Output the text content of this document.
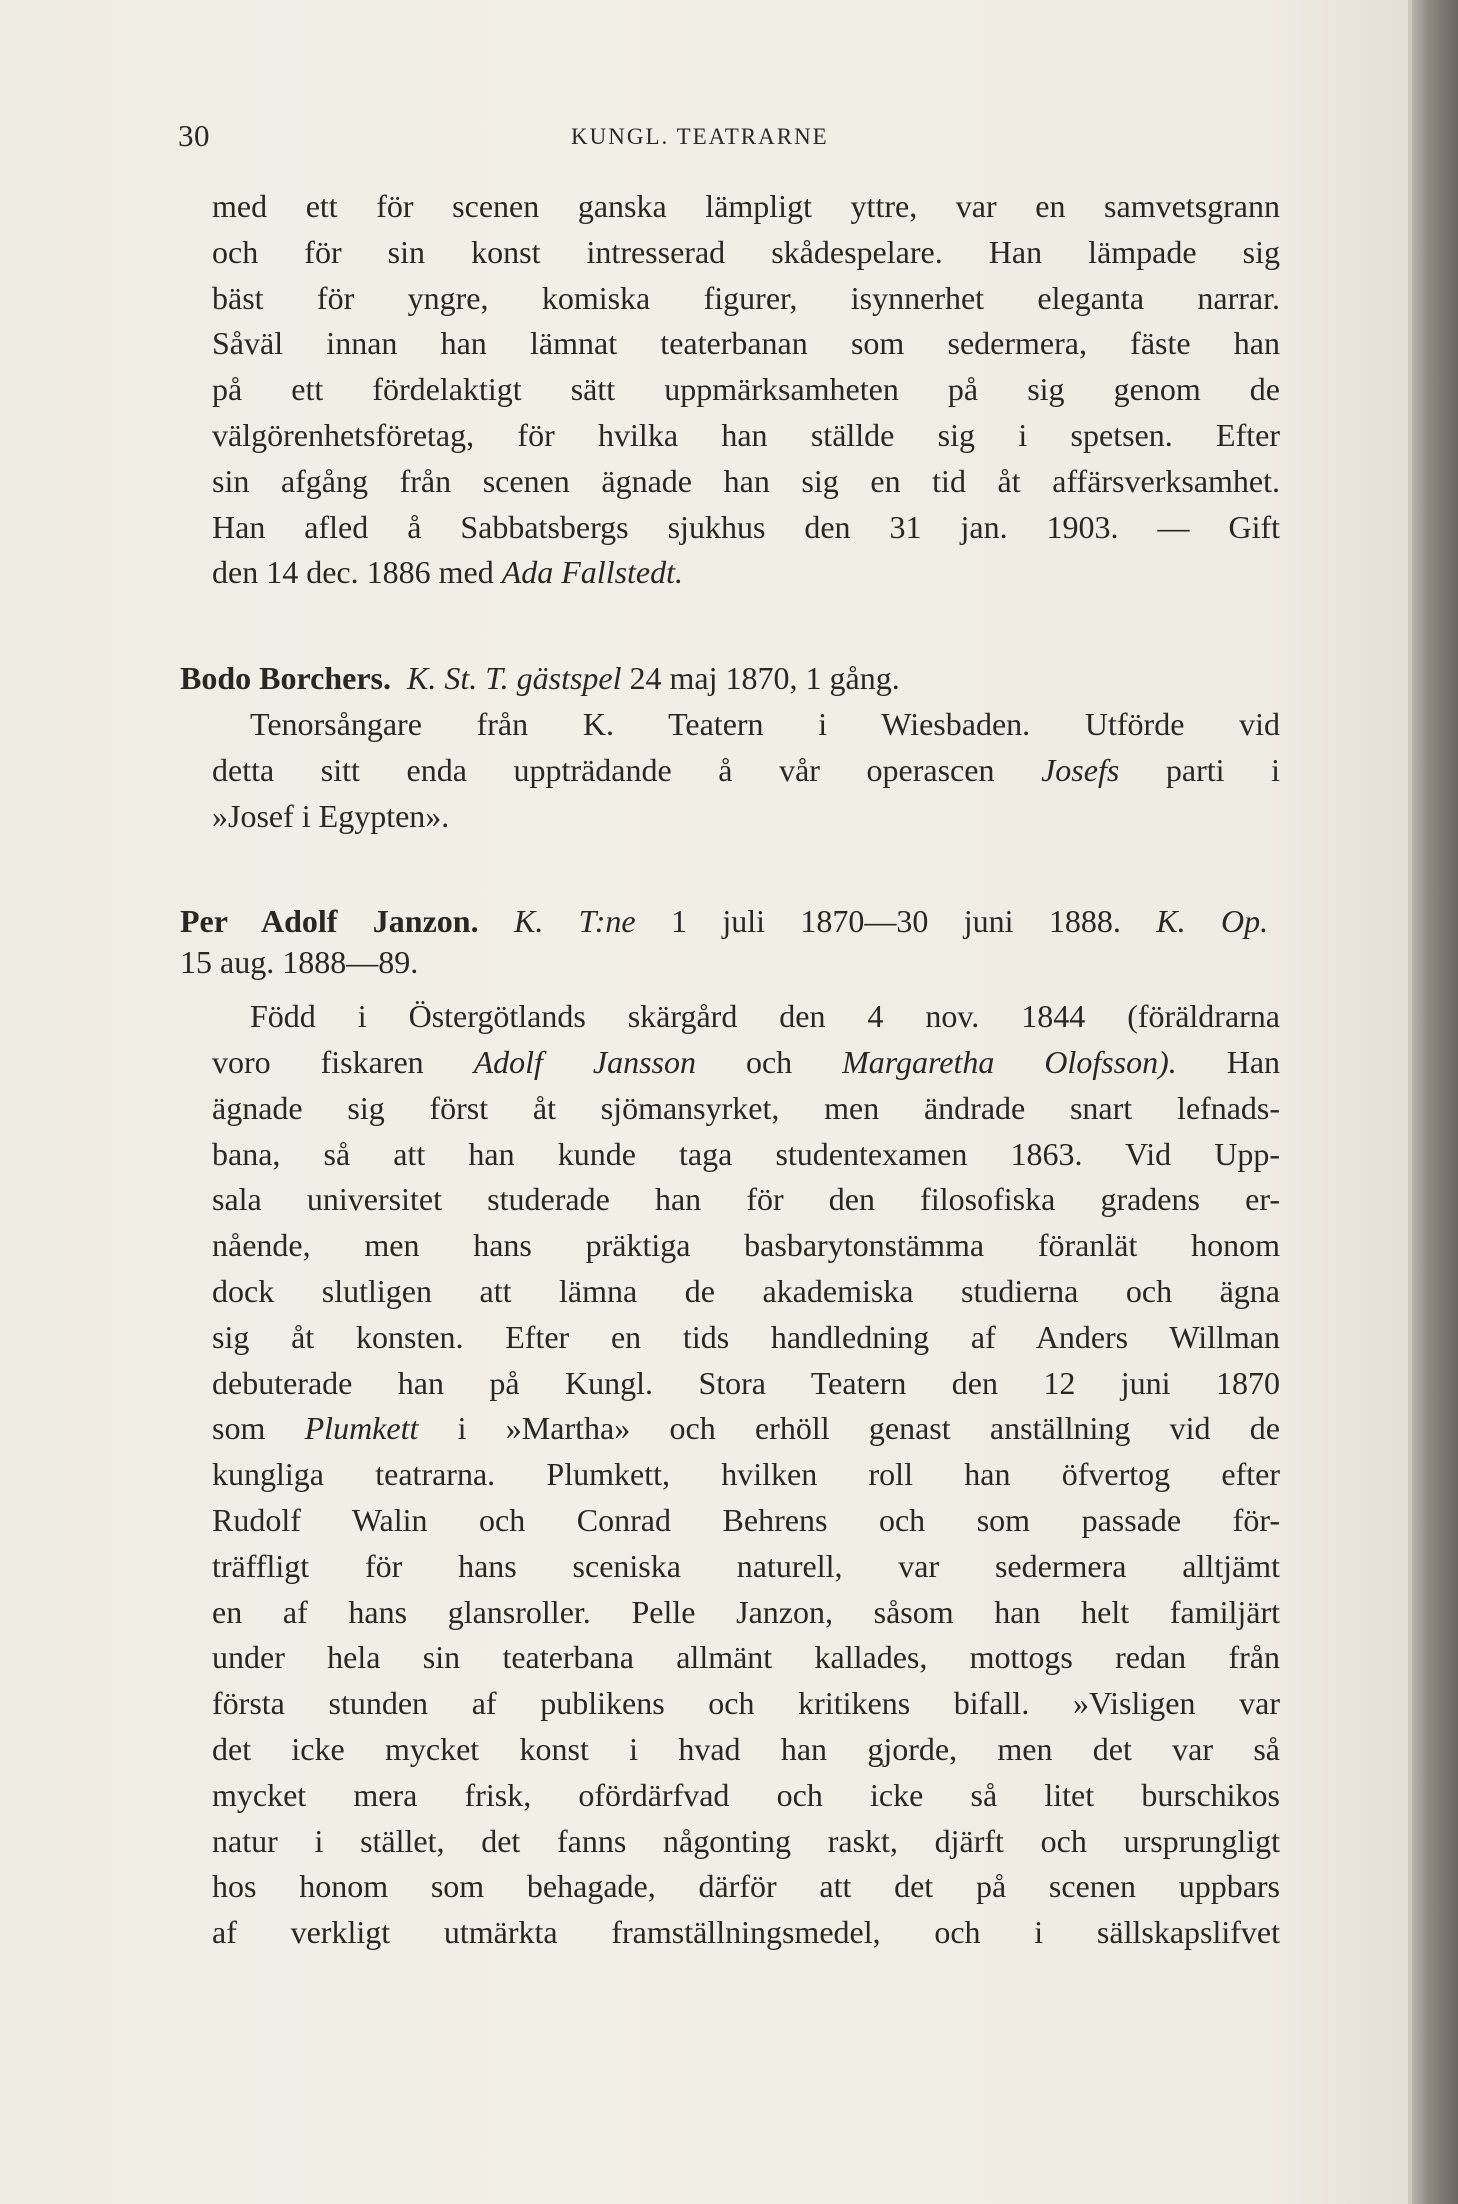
30	KUNGL. TEATRARNE
med ett för scenen ganska lämpligt yttre, var en samvetsgrann
och för sin konst intresserad skådespelare. Han lämpade sig
bäst för yngre, komiska figurer, isynnerhet eleganta narrar.
Såväl innan han lämnat teaterbanan som sedermera, fäste han
på ett fördelaktigt sätt uppmärksamheten på sig genom de
välgörenhetsföretag, för hvilka han ställde sig i spetsen. Efter
sin afgång från scenen ägnade han sig en tid åt affärsverksamhet.
Han afled å Sabbatsbergs sjukhus den 31 jan. 1903. — Gift
den 14 dec. 1886 med Ada Fallstedt.
Bodo Borchers. K. St. T. gästspel 24 maj 1870, 1 gång.
Tenorsångare från K. Teatern i Wiesbaden. Utförde vid
detta sitt enda uppträdande å vår operascen Josefs parti i
»Josef i Egypten».
Per Adolf Janzon. K. T:ne 1 juli 1870—30 juni 1888. K. Op.
15 aug. 1888—89.
Född i Östergötlands skärgård den 4 nov. 1844 (föräldrarna
voro fiskaren Adolf Jansson och Margaretha Olofsson). Han
ägnade sig först åt sjömansyrket, men ändrade snart lefnads-
bana, så att han kunde taga studentexamen 1863. Vid Upp-
sala universitet studerade han för den filosofiska gradens er-
nående, men hans präktiga basbarytonstämma föranlät honom
dock slutligen att lämna de akademiska studierna och ägna
sig åt konsten. Efter en tids handledning af Anders Willman
debuterade han på Kungl. Stora Teatern den 12 juni 1870
som Plumkett i »Martha» och erhöll genast anställning vid de
kungliga teatrarna. Plumkett, hvilken roll han öfvertog efter
Rudolf Walin och Conrad Behrens och som passade för-
träffligt för hans sceniska naturell, var sedermera alltjämt
en af hans glansroller. Pelle Janzon, såsom han helt familjärt
under hela sin teaterbana allmänt kallades, mottogs redan från
första stunden af publikens och kritikens bifall. »Visligen var
det icke mycket konst i hvad han gjorde, men det var så
mycket mera frisk, ofördärfvad och icke så litet burschikos
natur i stället, det fanns någonting raskt, djärft och ursprungligt
hos honom som behagade, därför att det på scenen uppbars
af verkligt utmärkta framställningsmedel, och i sällskapslifvet
